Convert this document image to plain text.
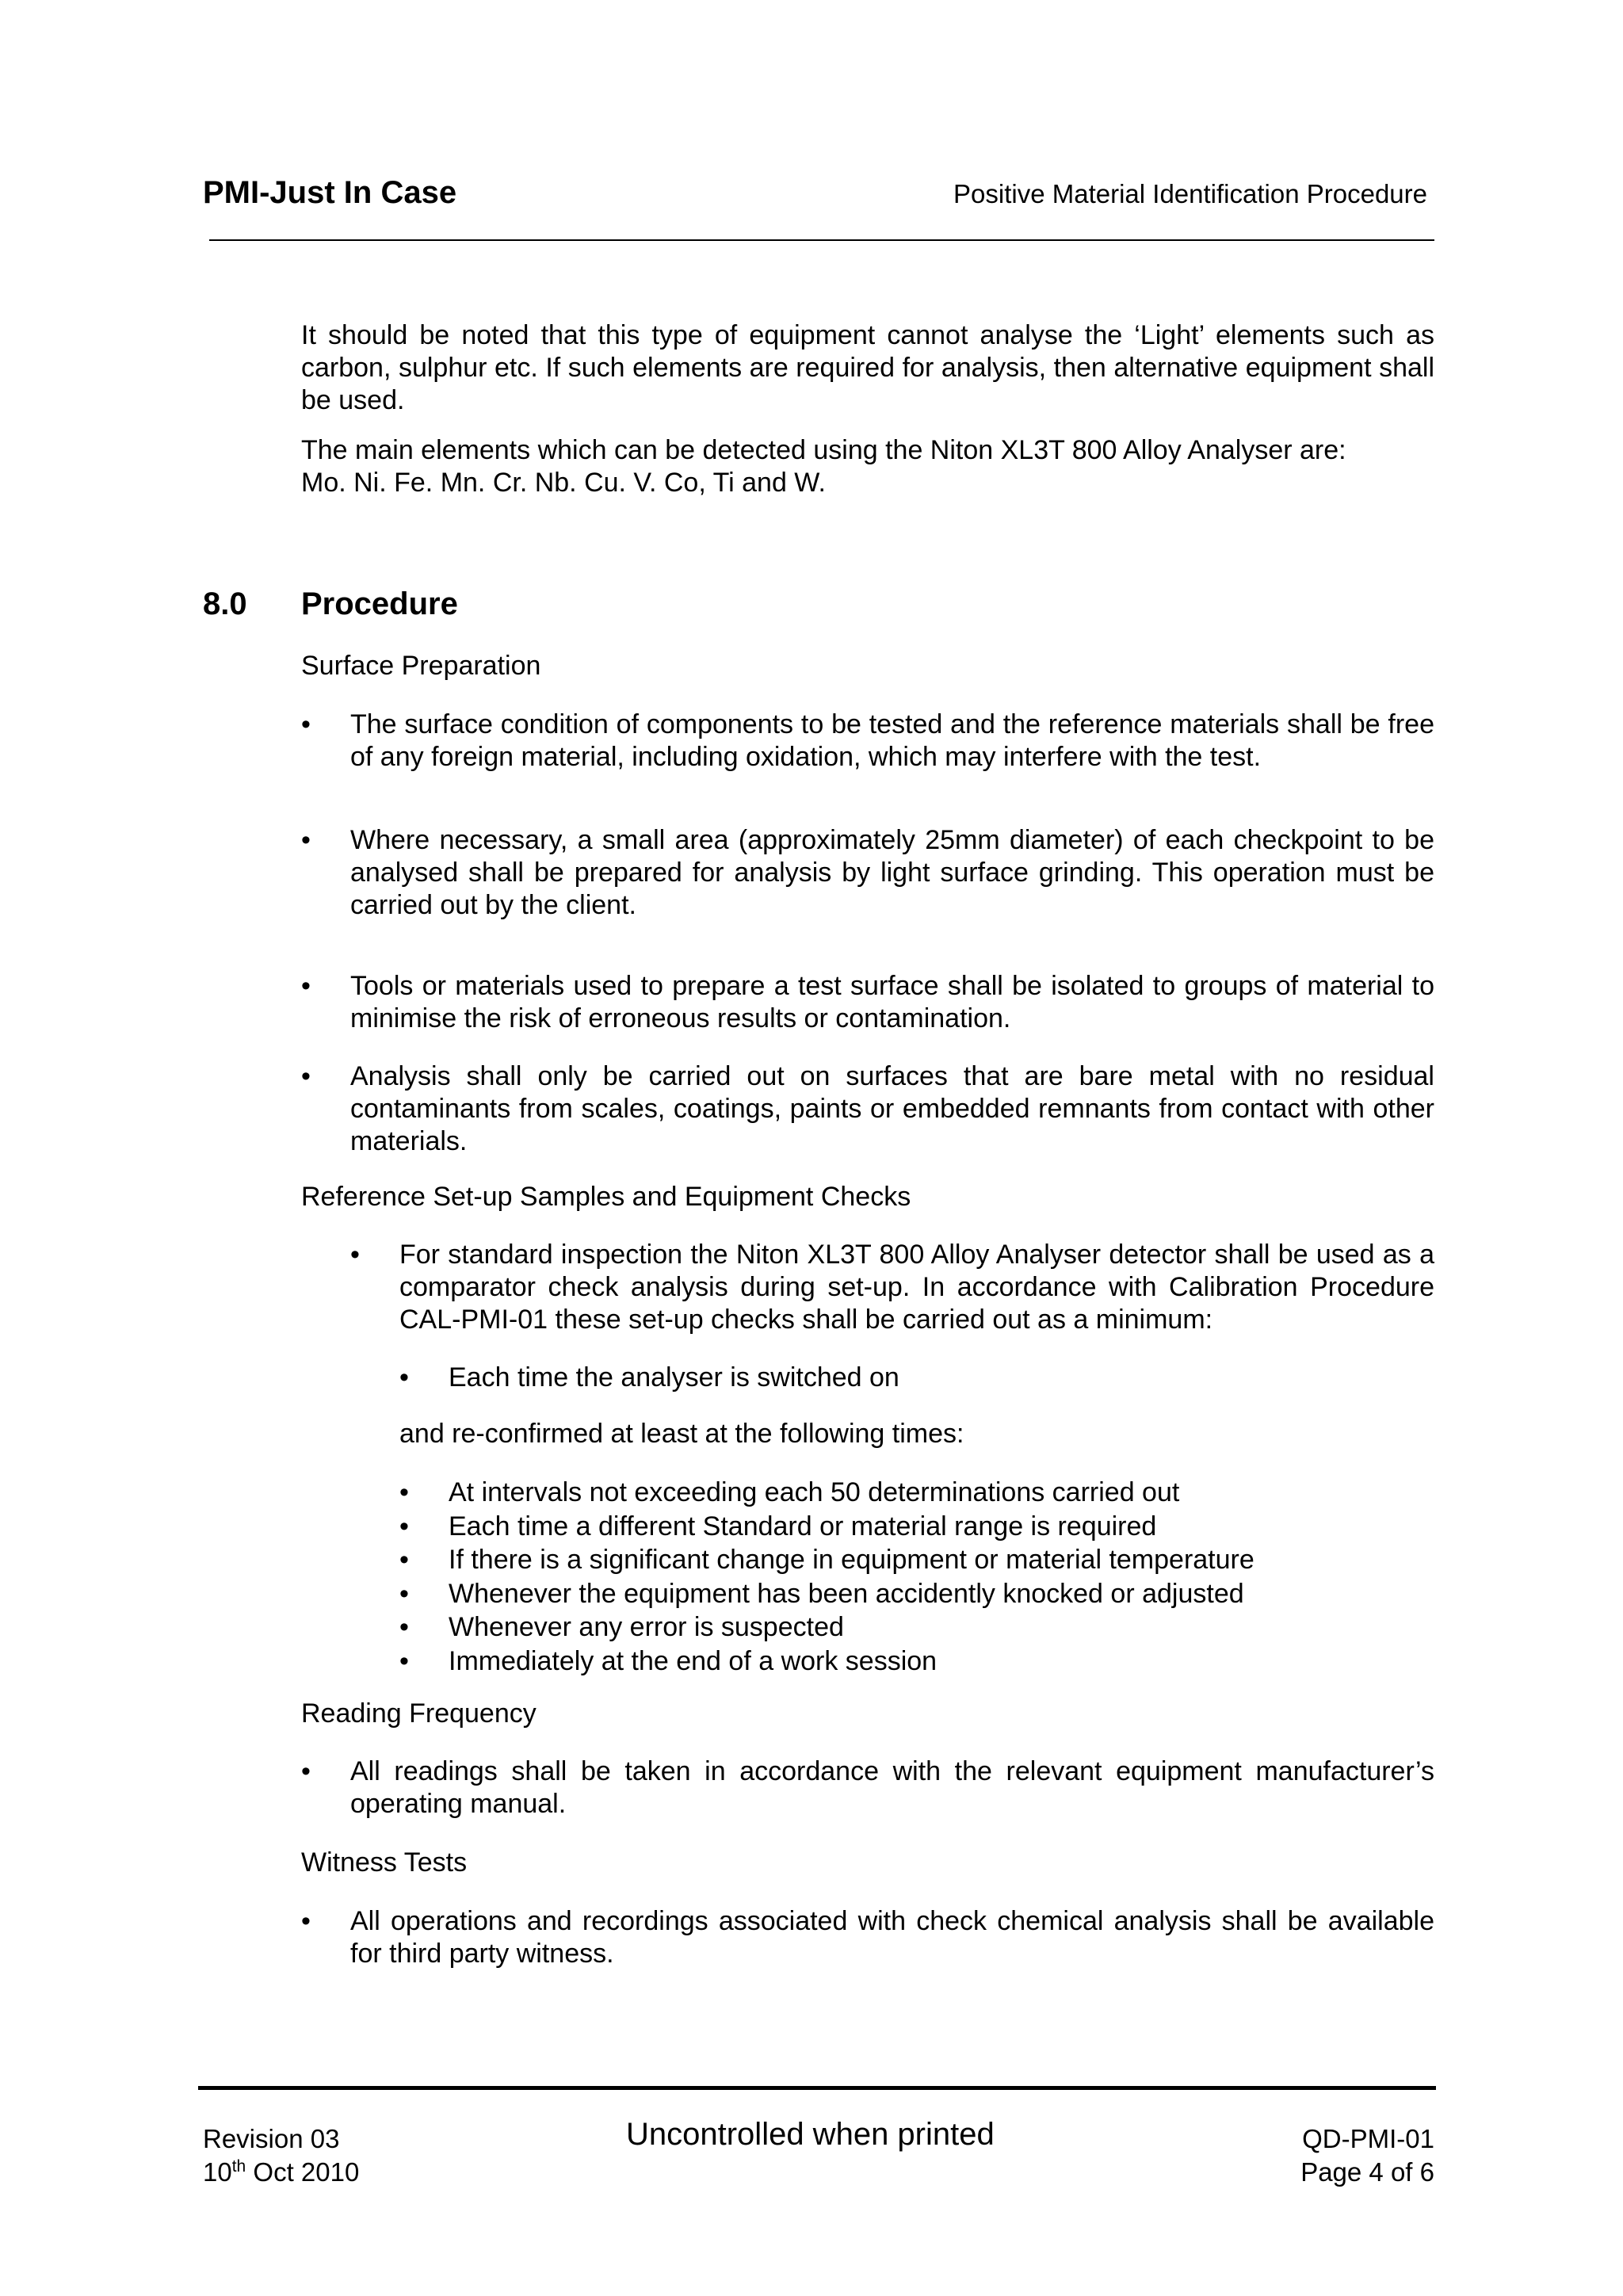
PMI-Just In Case	Positive Material Identification Procedure

It should be noted that this type of equipment cannot analyse the ‘Light’ elements such as carbon, sulphur etc. If such elements are required for analysis, then alternative equipment shall be used.

The main elements which can be detected using the Niton XL3T 800 Alloy Analyser are:
Mo. Ni. Fe. Mn. Cr. Nb. Cu. V. Co, Ti and W.
8.0 Procedure
Surface Preparation
• The surface condition of components to be tested and the reference materials shall be free of any foreign material, including oxidation, which may interfere with the test.

• Where necessary, a small area (approximately 25mm diameter) of each checkpoint to be analysed shall be prepared for analysis by light surface grinding. This operation must be carried out by the client.

• Tools or materials used to prepare a test surface shall be isolated to groups of material to minimise the risk of erroneous results or contamination.

• Analysis shall only be carried out on surfaces that are bare metal with no residual contaminants from scales, coatings, paints or embedded remnants from contact with other materials.

Reference Set-up Samples and Equipment Checks
• For standard inspection the Niton XL3T 800 Alloy Analyser detector shall be used as a comparator check analysis during set-up. In accordance with Calibration Procedure CAL-PMI-01 these set-up checks shall be carried out as a minimum:

• Each time the analyser is switched on
and re-confirmed at least at the following times:
• At intervals not exceeding each 50 determinations carried out
• Each time a different Standard or material range is required
• If there is a significant change in equipment or material temperature
• Whenever the equipment has been accidently knocked or adjusted
• Whenever any error is suspected
• Immediately at the end of a work session
Reading Frequency
• All readings shall be taken in accordance with the relevant equipment manufacturer’s operating manual.

Witness Tests
• All operations and recordings associated with check chemical analysis shall be available for third party witness.

Revision 03
10th Oct 2010
Uncontrolled when printed	QD-PMI-01
Page 4 of 6
